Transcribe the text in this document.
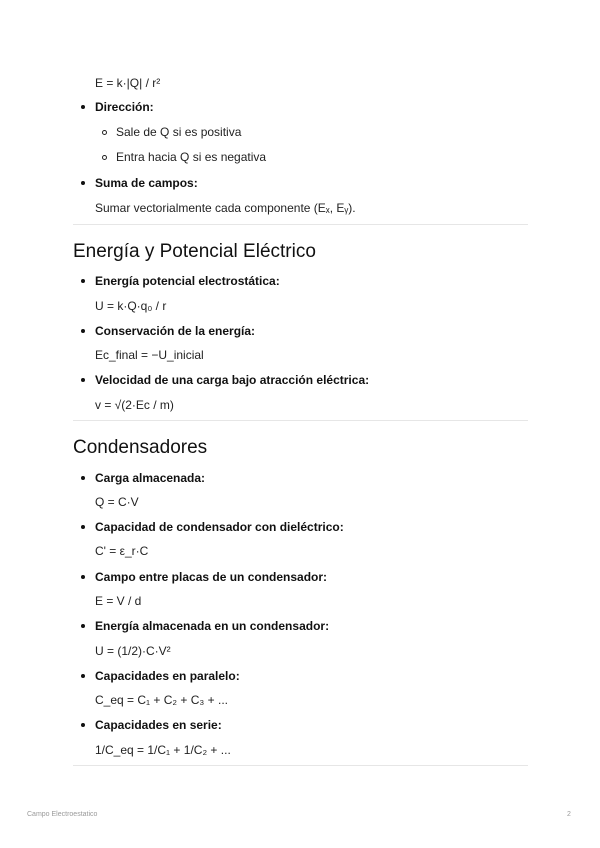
E = k·|Q| / r²
Dirección:
Sale de Q si es positiva
Entra hacia Q si es negativa
Suma de campos:
Sumar vectorialmente cada componente (Eₓ, Eᵧ).
Energía y Potencial Eléctrico
Energía potencial electrostática:
U = k·Q·q₀ / r
Conservación de la energía:
Ec_final = −U_inicial
Velocidad de una carga bajo atracción eléctrica:
v = √(2·Ec / m)
Condensadores
Carga almacenada:
Q = C·V
Capacidad de condensador con dieléctrico:
C' = ε_r·C
Campo entre placas de un condensador:
E = V / d
Energía almacenada en un condensador:
U = (1/2)·C·V²
Capacidades en paralelo:
C_eq = C₁ + C₂ + C₃ + ...
Capacidades en serie:
1/C_eq = 1/C₁ + 1/C₂ + ...
Campo Electroestatico	2
